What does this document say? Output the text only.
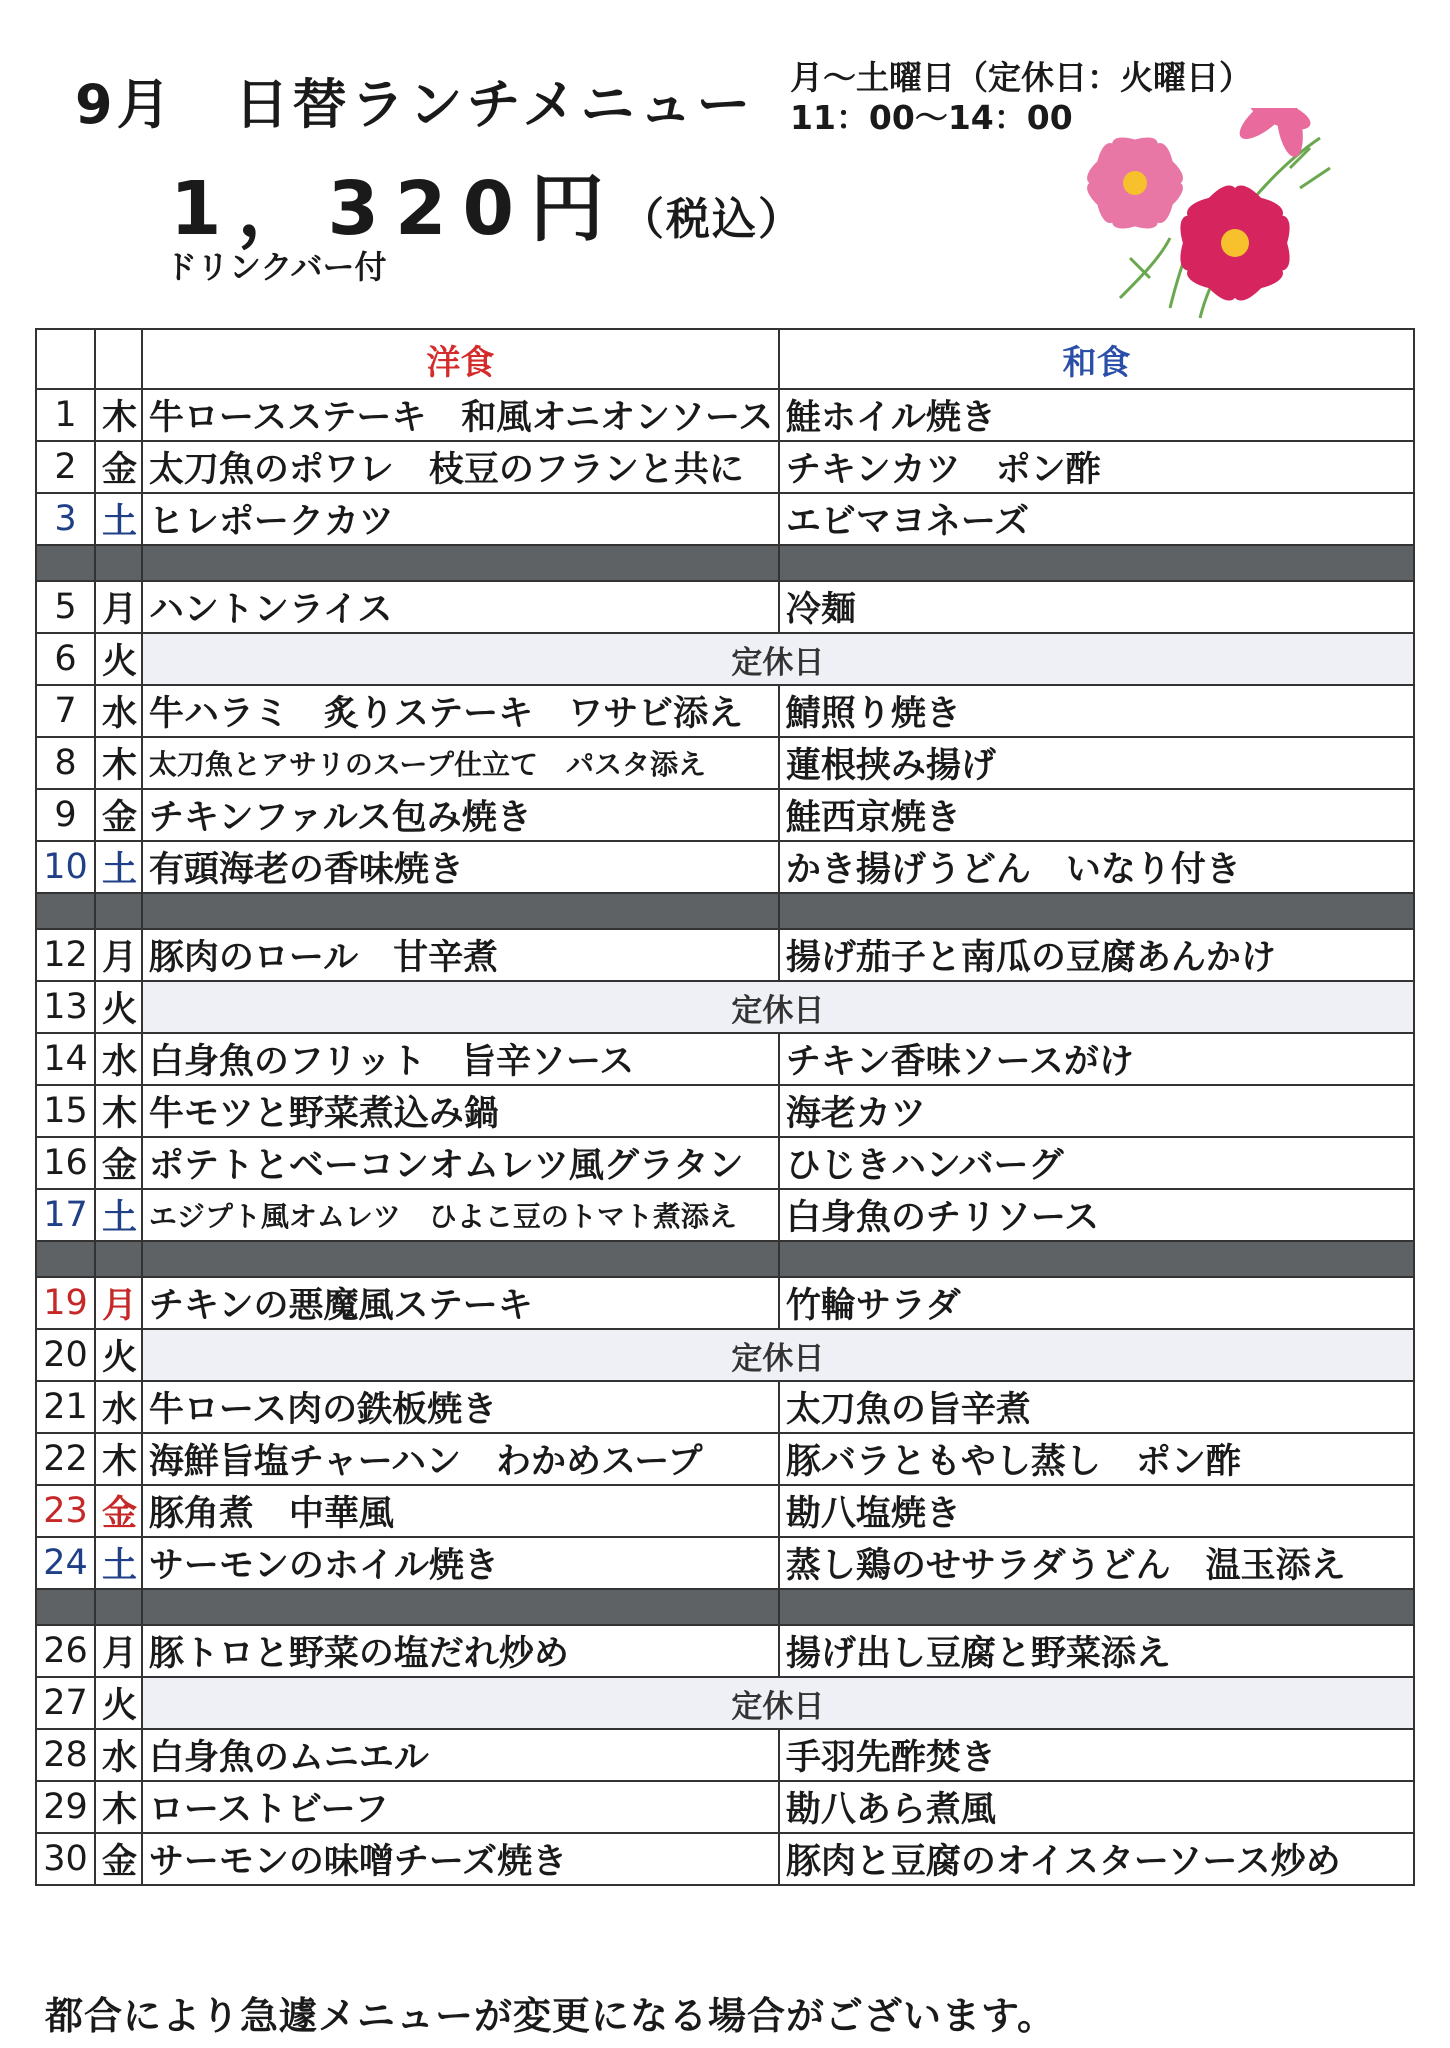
9月 日替ランチメニュー 月～土曜日（定休日：火曜日）
11：00～14：00
1，320円（税込）
ドリンクバー付
		洋食	和食
1	木	牛ロースステーキ　和風オニオンソース	鮭ホイル焼き
2	金	太刀魚のポワレ　枝豆のフランと共に	チキンカツ　ポン酢
3	土	ヒレポークカツ	エビマヨネーズ

5	月	ハントンライス	冷麺
6	火	定休日	
7	水	牛ハラミ　炙りステーキ　ワサビ添え	鯖照り焼き
8	木	太刀魚とアサリのスープ仕立て　パスタ添え	蓮根挟み揚げ
9	金	チキンファルス包み焼き	鮭西京焼き
10	土	有頭海老の香味焼き	かき揚げうどん　いなり付き

12	月	豚肉のロール　甘辛煮	揚げ茄子と南瓜の豆腐あんかけ
13	火	定休日	
14	水	白身魚のフリット　旨辛ソース	チキン香味ソースがけ
15	木	牛モツと野菜煮込み鍋	海老カツ
16	金	ポテトとベーコンオムレツ風グラタン	ひじきハンバーグ
17	土	エジプト風オムレツ　ひよこ豆のトマト煮添え	白身魚のチリソース

19	月	チキンの悪魔風ステーキ	竹輪サラダ
20	火	定休日	
21	水	牛ロース肉の鉄板焼き	太刀魚の旨辛煮
22	木	海鮮旨塩チャーハン　わかめスープ	豚バラともやし蒸し　ポン酢
23	金	豚角煮　中華風	勘八塩焼き
24	土	サーモンのホイル焼き	蒸し鶏のせサラダうどん　温玉添え

26	月	豚トロと野菜の塩だれ炒め	揚げ出し豆腐と野菜添え
27	火	定休日	
28	水	白身魚のムニエル	手羽先酢焚き
29	木	ローストビーフ	勘八あら煮風
30	金	サーモンの味噌チーズ焼き	豚肉と豆腐のオイスターソース炒め
都合により急遽メニューが変更になる場合がございます。
